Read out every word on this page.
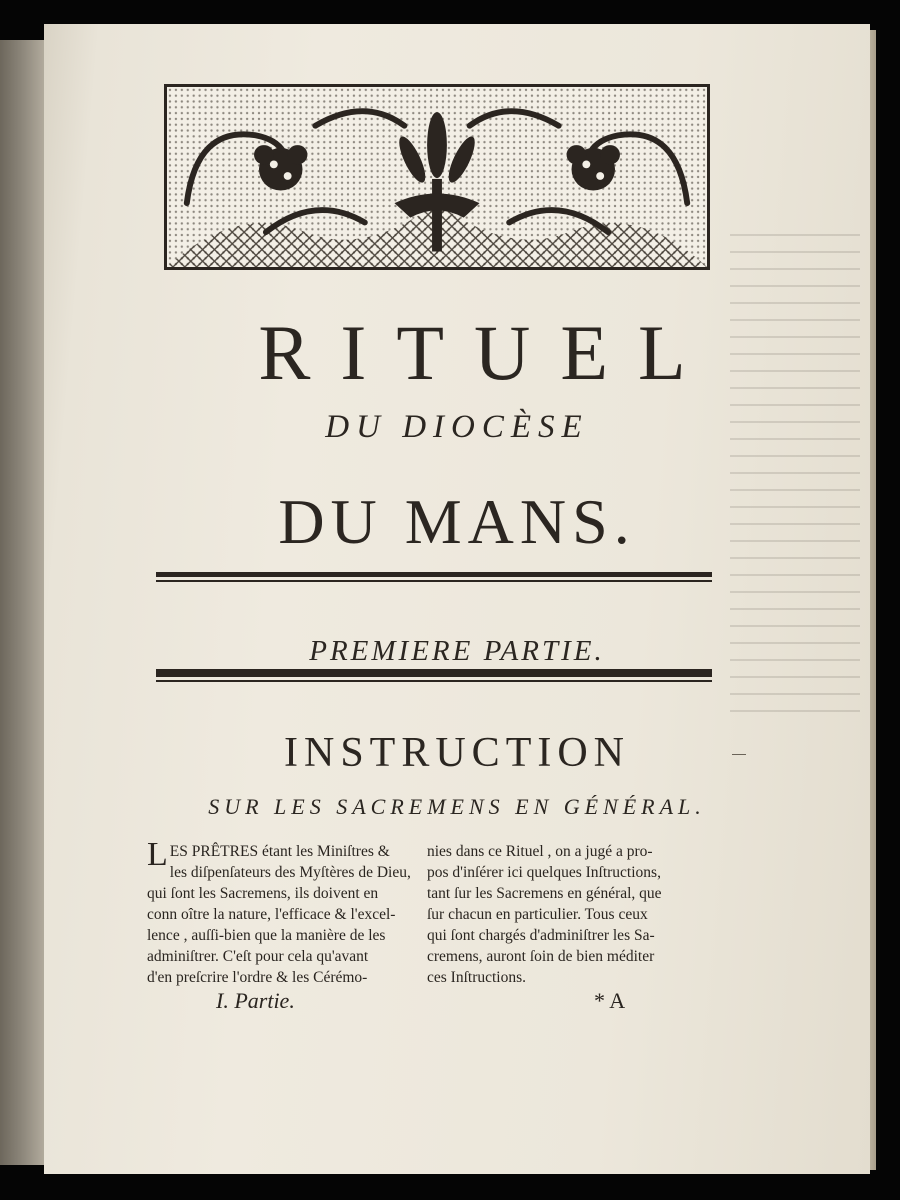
RITUEL
DU DIOCÈSE
DU MANS.
PREMIERE PARTIE.
INSTRUCTION
SUR LES SACREMENS EN GÉNÉRAL.
L ES PRÊTRES étant les Miniſtres &
les diſpenſateurs des Myſtères de Dieu,
qui ſont les Sacremens, ils doivent en
conn oître la nature, l'efficace & l'excel-
lence , auſſi-bien que la manière de les
adminiſtrer. C'eſt pour cela qu'avant
d'en preſcrire l'ordre & les Cérémo-
nies dans ce Rituel , on a jugé a pro-
pos d'inſérer ici quelques Inſtructions,
tant ſur les Sacremens en général, que
ſur chacun en particulier. Tous ceux
qui ſont chargés d'adminiſtrer les Sa-
cremens, auront ſoin de bien méditer
ces Inſtructions.
I. Partie.	* A
